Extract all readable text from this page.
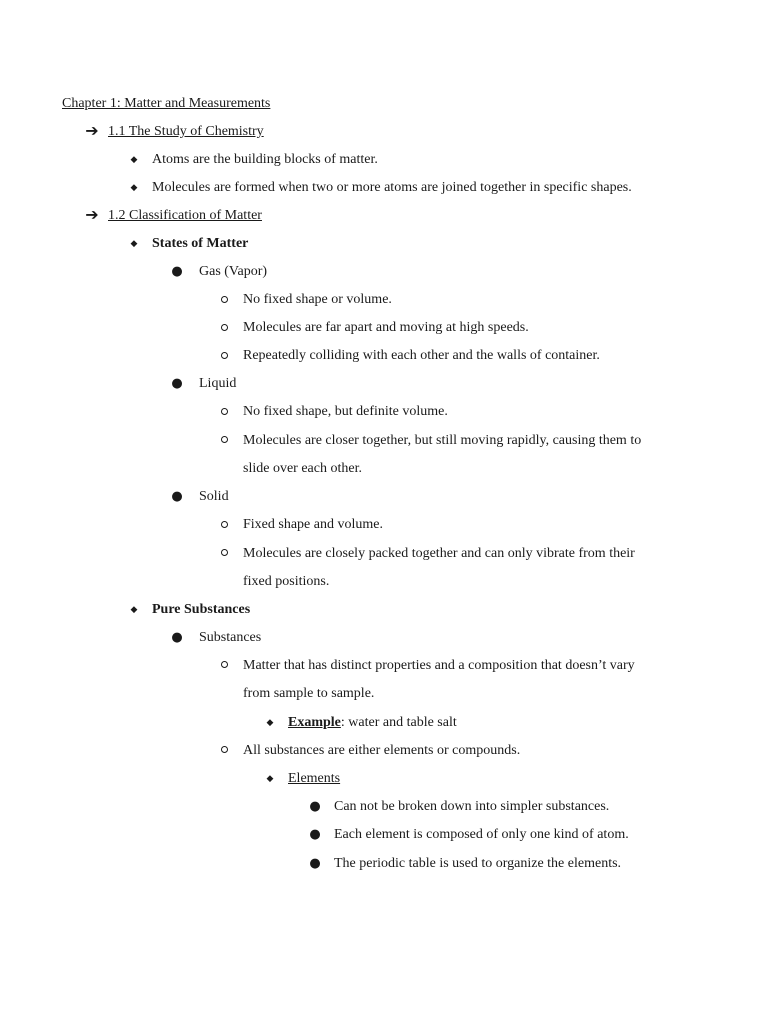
Chapter 1: Matter and Measurements
➔ 1.1 The Study of Chemistry
◆ Atoms are the building blocks of matter.
◆ Molecules are formed when two or more atoms are joined together in specific shapes.
➔ 1.2 Classification of Matter
◆ States of Matter
● Gas (Vapor)
No fixed shape or volume.
Molecules are far apart and moving at high speeds.
Repeatedly colliding with each other and the walls of container.
● Liquid
No fixed shape, but definite volume.
Molecules are closer together, but still moving rapidly, causing them to
slide over each other.
● Solid
Fixed shape and volume.
Molecules are closely packed together and can only vibrate from their
fixed positions.
◆ Pure Substances
● Substances
Matter that has distinct properties and a composition that doesn’t vary
from sample to sample.
◆ Example: water and table salt
All substances are either elements or compounds.
◆ Elements
● Can not be broken down into simpler substances.
● Each element is composed of only one kind of atom.
● The periodic table is used to organize the elements.
